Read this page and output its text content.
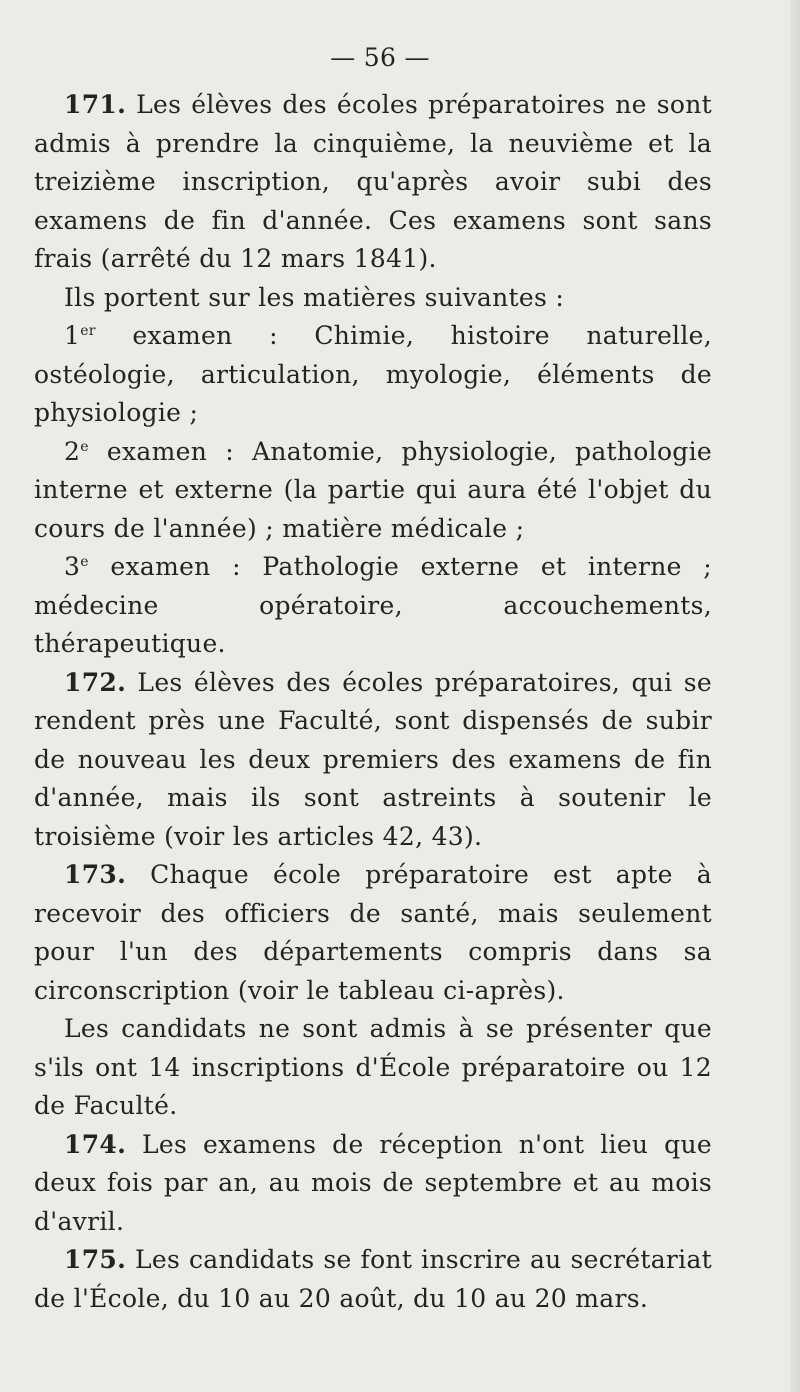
— 56 —

171. Les élèves des écoles préparatoires ne sont admis à prendre la cinquième, la neuvième et la treizième inscription, qu'après avoir subi des examens de fin d'année. Ces examens sont sans frais (arrêté du 12 mars 1841).

Ils portent sur les matières suivantes :

1er examen : Chimie, histoire naturelle, ostéologie, articulation, myologie, éléments de physiologie ;

2e examen : Anatomie, physiologie, pathologie interne et externe (la partie qui aura été l'objet du cours de l'année) ; matière médicale ;

3e examen : Pathologie externe et interne ; médecine opératoire, accouchements, thérapeutique.

172. Les élèves des écoles préparatoires, qui se rendent près une Faculté, sont dispensés de subir de nouveau les deux premiers des examens de fin d'année, mais ils sont astreints à soutenir le troisième (voir les articles 42, 43).

173. Chaque école préparatoire est apte à recevoir des officiers de santé, mais seulement pour l'un des départements compris dans sa circonscription (voir le tableau ci-après).

Les candidats ne sont admis à se présenter que s'ils ont 14 inscriptions d'École préparatoire ou 12 de Faculté.

174. Les examens de réception n'ont lieu que deux fois par an, au mois de septembre et au mois d'avril.

175. Les candidats se font inscrire au secrétariat de l'École, du 10 au 20 août, du 10 au 20 mars.
